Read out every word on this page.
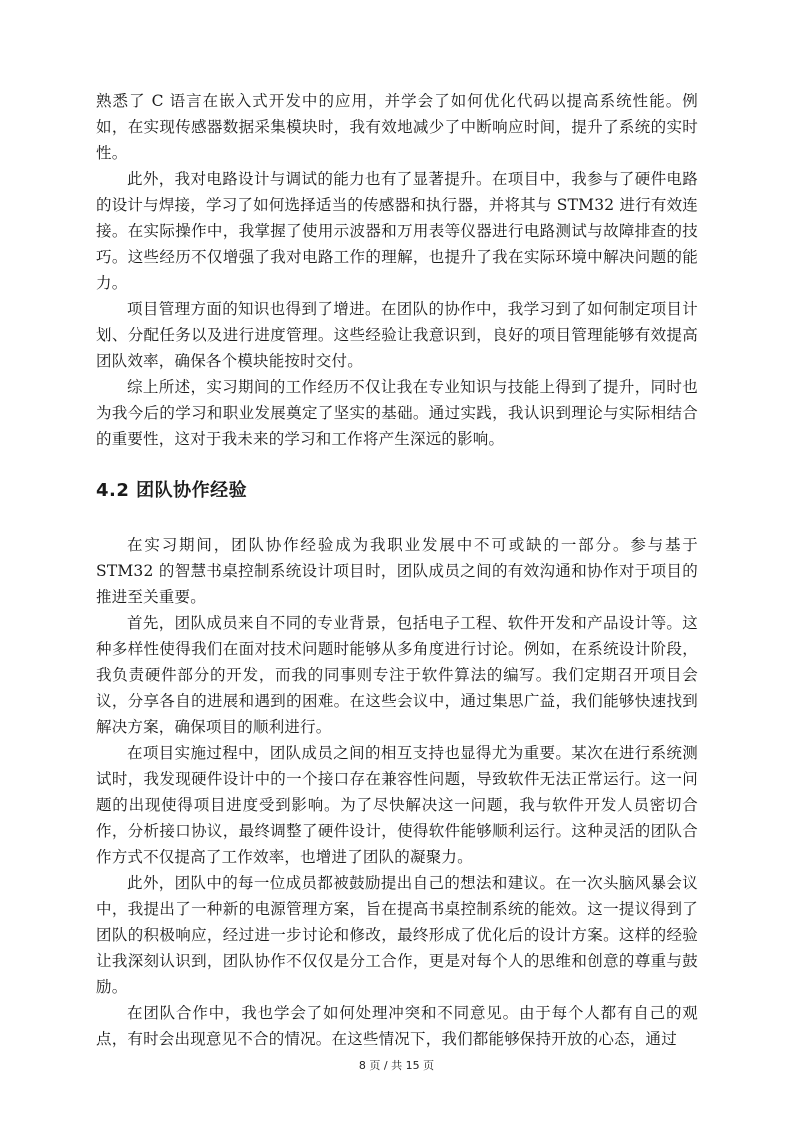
熟悉了 C 语言在嵌入式开发中的应用，并学会了如何优化代码以提高系统性能。例如，在实现传感器数据采集模块时，我有效地减少了中断响应时间，提升了系统的实时性。

此外，我对电路设计与调试的能力也有了显著提升。在项目中，我参与了硬件电路的设计与焊接，学习了如何选择适当的传感器和执行器，并将其与 STM32 进行有效连接。在实际操作中，我掌握了使用示波器和万用表等仪器进行电路测试与故障排查的技巧。这些经历不仅增强了我对电路工作的理解，也提升了我在实际环境中解决问题的能力。

项目管理方面的知识也得到了增进。在团队的协作中，我学习到了如何制定项目计划、分配任务以及进行进度管理。这些经验让我意识到，良好的项目管理能够有效提高团队效率，确保各个模块能按时交付。

综上所述，实习期间的工作经历不仅让我在专业知识与技能上得到了提升，同时也为我今后的学习和职业发展奠定了坚实的基础。通过实践，我认识到理论与实际相结合的重要性，这对于我未来的学习和工作将产生深远的影响。

4.2 团队协作经验

在实习期间，团队协作经验成为我职业发展中不可或缺的一部分。参与基于 STM32 的智慧书桌控制系统设计项目时，团队成员之间的有效沟通和协作对于项目的推进至关重要。

首先，团队成员来自不同的专业背景，包括电子工程、软件开发和产品设计等。这种多样性使得我们在面对技术问题时能够从多角度进行讨论。例如，在系统设计阶段，我负责硬件部分的开发，而我的同事则专注于软件算法的编写。我们定期召开项目会议，分享各自的进展和遇到的困难。在这些会议中，通过集思广益，我们能够快速找到解决方案，确保项目的顺利进行。

在项目实施过程中，团队成员之间的相互支持也显得尤为重要。某次在进行系统测试时，我发现硬件设计中的一个接口存在兼容性问题，导致软件无法正常运行。这一问题的出现使得项目进度受到影响。为了尽快解决这一问题，我与软件开发人员密切合作，分析接口协议，最终调整了硬件设计，使得软件能够顺利运行。这种灵活的团队合作方式不仅提高了工作效率，也增进了团队的凝聚力。

此外，团队中的每一位成员都被鼓励提出自己的想法和建议。在一次头脑风暴会议中，我提出了一种新的电源管理方案，旨在提高书桌控制系统的能效。这一提议得到了团队的积极响应，经过进一步讨论和修改，最终形成了优化后的设计方案。这样的经验让我深刻认识到，团队协作不仅仅是分工合作，更是对每个人的思维和创意的尊重与鼓励。

在团队合作中，我也学会了如何处理冲突和不同意见。由于每个人都有自己的观点，有时会出现意见不合的情况。在这些情况下，我们都能够保持开放的心态，通过

8 页 / 共 15 页
